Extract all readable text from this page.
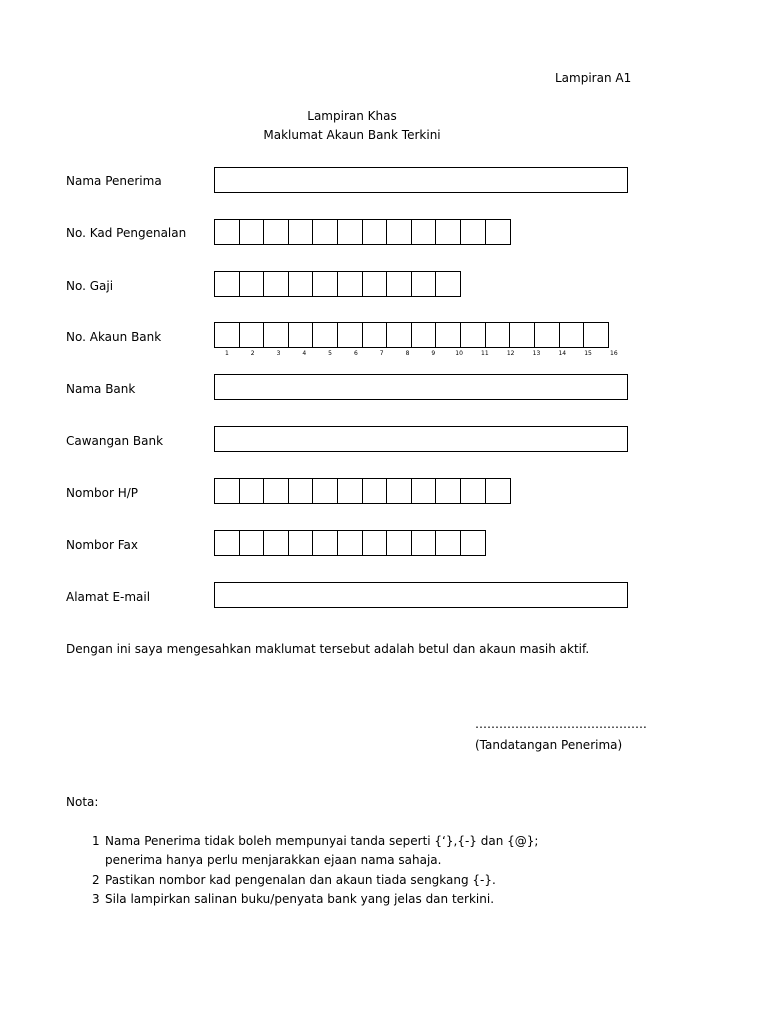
Lampiran A1
Lampiran Khas
Maklumat Akaun Bank Terkini
Nama Penerima
No. Kad Pengenalan
No. Gaji
No. Akaun Bank
1	2	3	4	5	6	7	8	9	10	11	12	13	14	15	16
Nama Bank
Cawangan Bank
Nombor H/P
Nombor Fax
Alamat E-mail
Dengan ini saya mengesahkan maklumat tersebut adalah betul dan akaun masih aktif.
…………………………………….
(Tandatangan Penerima)
Nota:
1 Nama Penerima tidak boleh mempunyai tanda seperti {‘},{-} dan {@};
penerima hanya perlu menjarakkan ejaan nama sahaja.
2 Pastikan nombor kad pengenalan dan akaun tiada sengkang {-}.
3 Sila lampirkan salinan buku/penyata bank yang jelas dan terkini.
